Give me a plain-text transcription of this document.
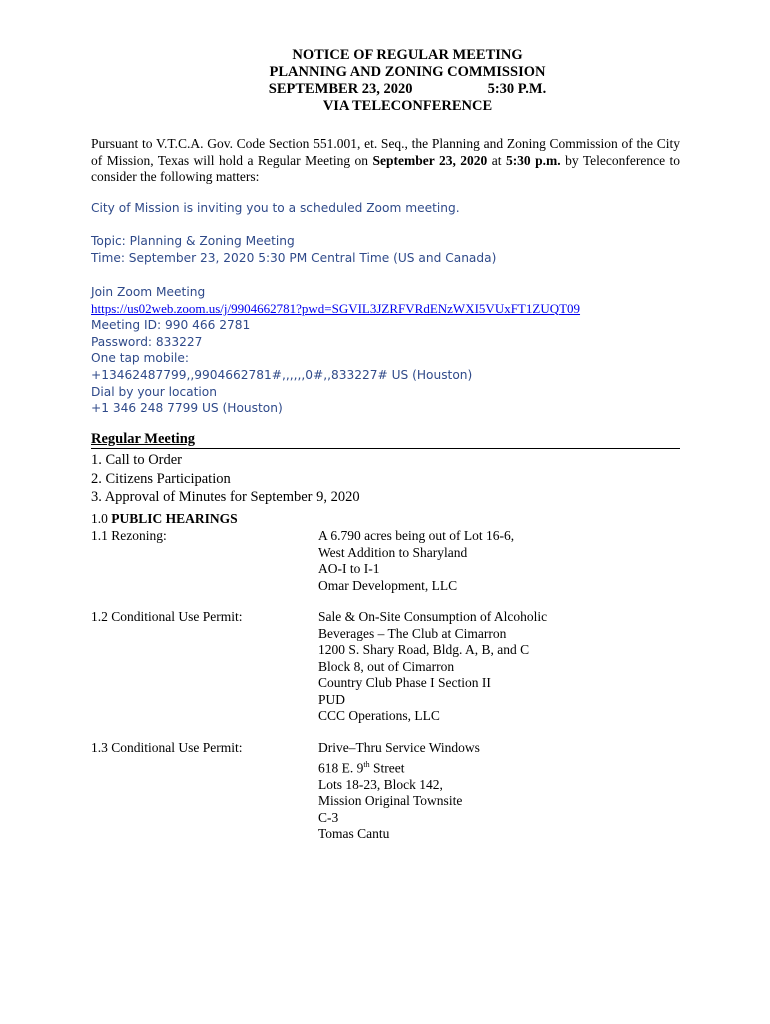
NOTICE OF REGULAR MEETING
PLANNING AND ZONING COMMISSION
SEPTEMBER 23, 2020	5:30 P.M.
VIA TELECONFERENCE
Pursuant to V.T.C.A. Gov. Code Section 551.001, et. Seq., the Planning and Zoning Commission of the City of Mission, Texas will hold a Regular Meeting on September 23, 2020 at 5:30 p.m. by Teleconference to consider the following matters:
City of Mission is inviting you to a scheduled Zoom meeting.
Topic: Planning & Zoning Meeting
Time: September 23, 2020 5:30 PM Central Time (US and Canada)
Join Zoom Meeting
https://us02web.zoom.us/j/9904662781?pwd=SGVIL3JZRFVRdENzWXI5VUxFT1ZUQT09
Meeting ID: 990 466 2781
Password: 833227
One tap mobile:
+13462487799,,9904662781#,,,,,,0#,,833227# US (Houston)
Dial by your location
+1 346 248 7799 US (Houston)
Regular Meeting
1. Call to Order
2. Citizens Participation
3. Approval of Minutes for September 9, 2020
1.0 PUBLIC HEARINGS
1.1 Rezoning:	A 6.790 acres being out of Lot 16-6,
West Addition to Sharyland
AO-I to I-1
Omar Development, LLC
1.2 Conditional Use Permit:	Sale & On-Site Consumption of Alcoholic
Beverages – The Club at Cimarron
1200 S. Shary Road, Bldg. A, B, and C
Block 8, out of Cimarron
Country Club Phase I Section II
PUD
CCC Operations, LLC
1.3 Conditional Use Permit:	Drive–Thru Service Windows
618 E. 9th Street
Lots 18-23, Block 142,
Mission Original Townsite
C-3
Tomas Cantu
